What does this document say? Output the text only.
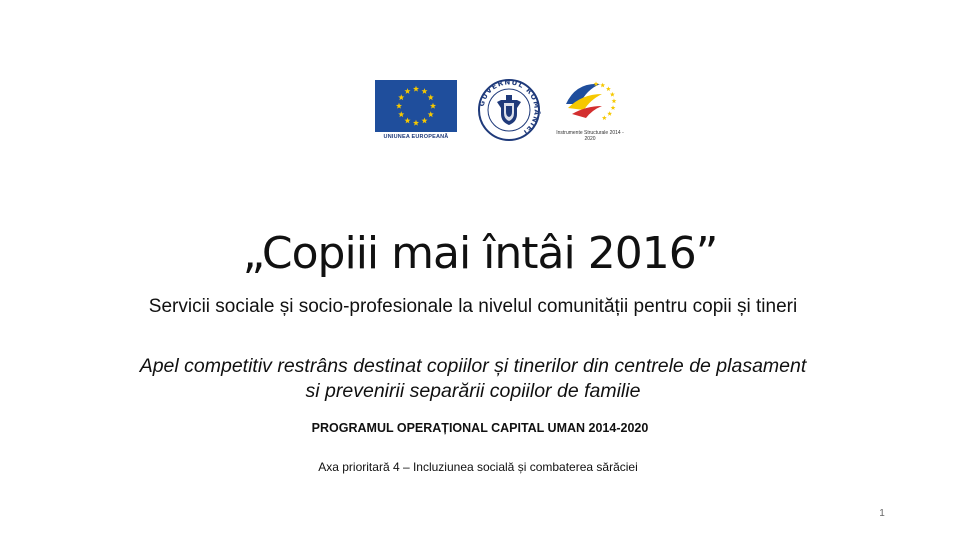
UNIUNEA EUROPEANĂ
GUVERNUL ROMÂNIEI	Instrumente Structurale 2014 - 2020
„Copiii mai întâi 2016”
Servicii sociale și socio-profesionale la nivelul comunității pentru copii și tineri
Apel competitiv restrâns destinat copiilor și tinerilor din centrele de plasament
si prevenirii separării copiilor de familie
PROGRAMUL OPERAȚIONAL CAPITAL UMAN 2014-2020
Axa prioritară 4 – Incluziunea socială și combaterea sărăciei
1
